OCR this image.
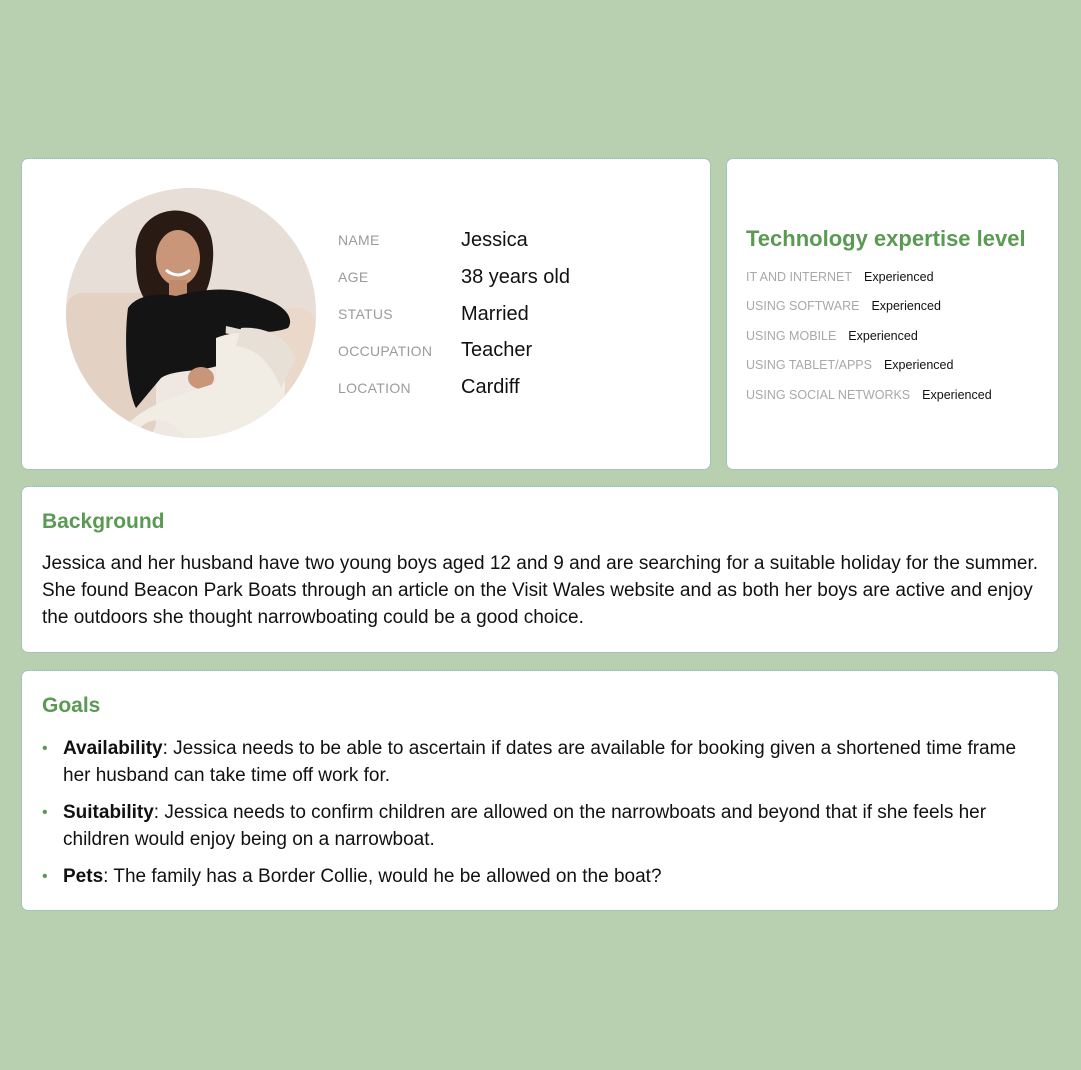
NAME	Jessica
AGE	38 years old
STATUS	Married
OCCUPATION Teacher
LOCATION	Cardiff
Technology expertise level
IT AND INTERNET Experienced
USING SOFTWARE Experienced
USING MOBILE Experienced
USING TABLET/APPS Experienced
USING SOCIAL NETWORKS Experienced
Background

Jessica and her husband have two young boys aged 12 and 9 and are searching for a suitable holiday for the summer. She found Beacon Park Boats through an article on the Visit Wales website and as both her boys are active and enjoy the outdoors she thought narrowboating could be a good choice.

Goals
• Availability: Jessica needs to be able to ascertain if dates are available for booking given a shortened time frame her husband can take time off work for.
• Suitability: Jessica needs to confirm children are allowed on the narrowboats and beyond that if she feels her children would enjoy being on a narrowboat.
• Pets: The family has a Border Collie, would he be allowed on the boat?
